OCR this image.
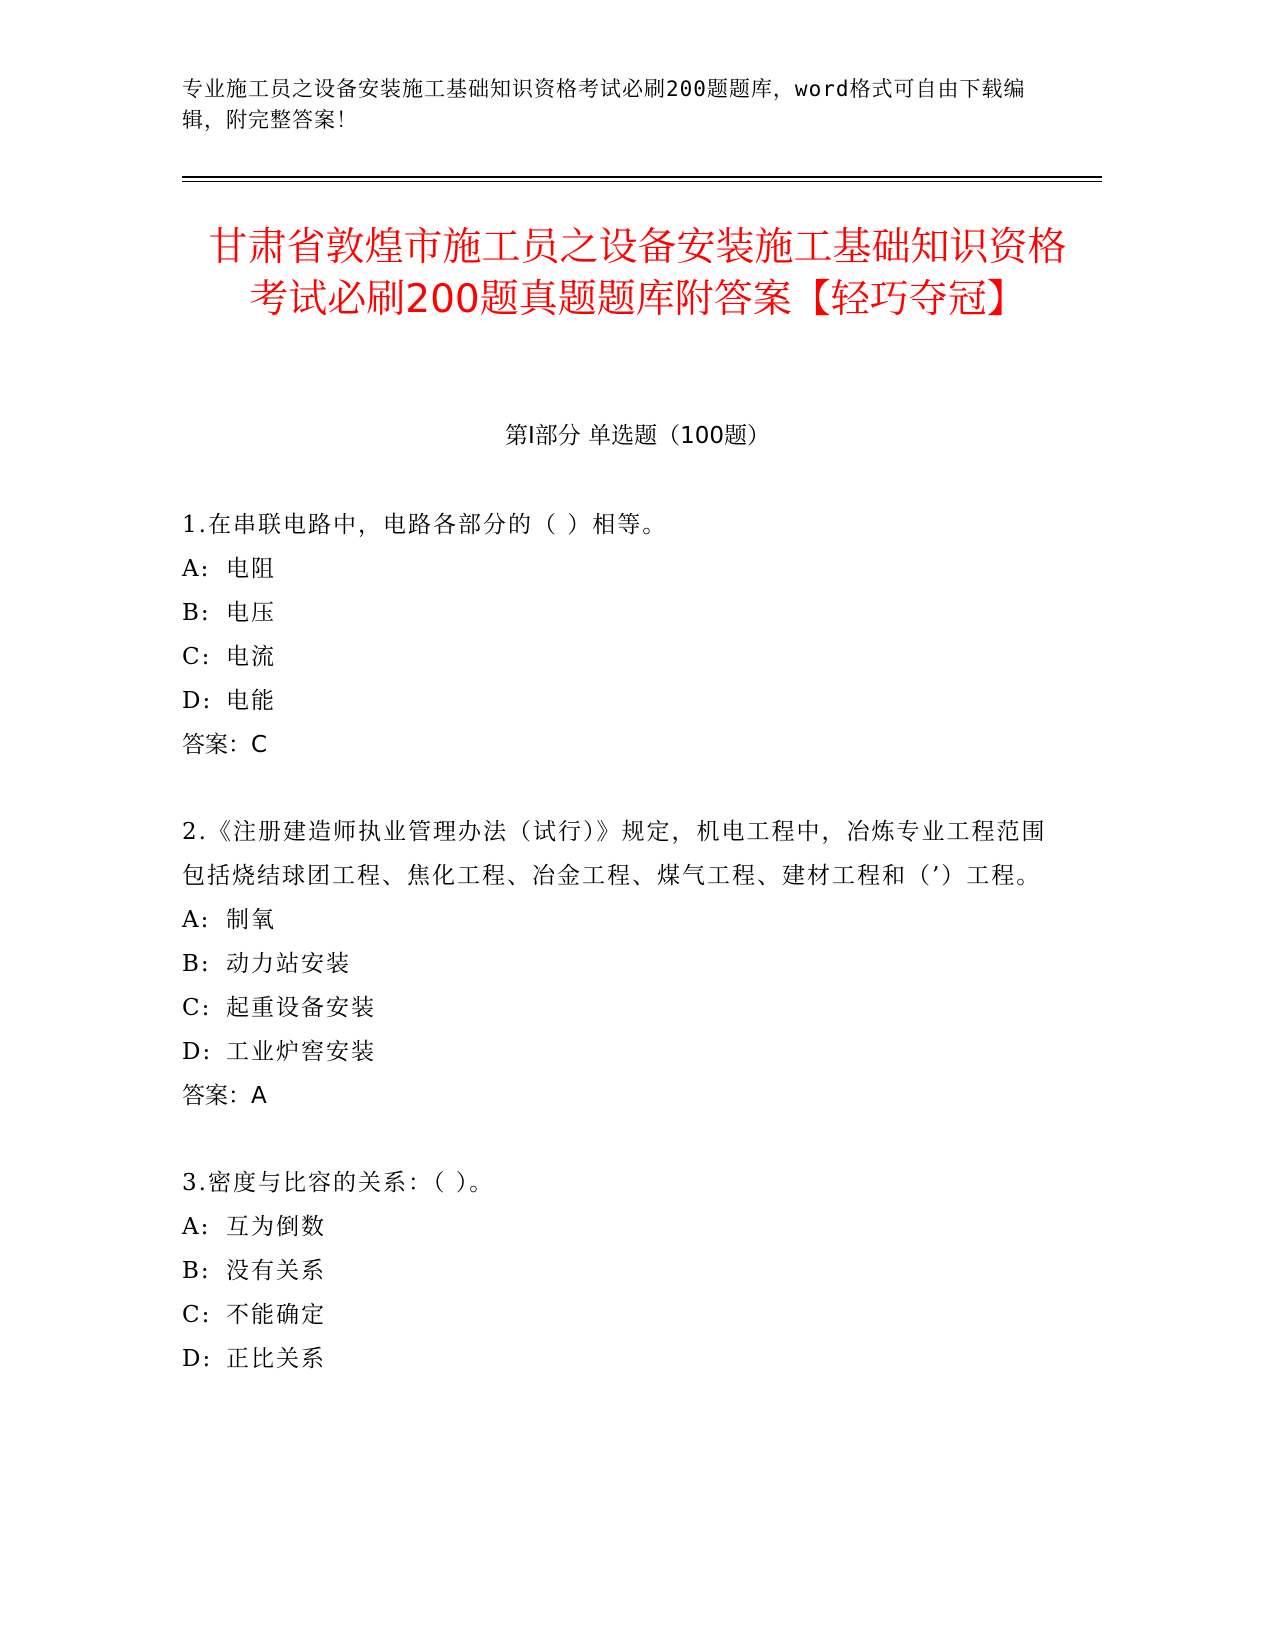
专业施工员之设备安装施工基础知识资格考试必刷200题题库，word格式可自由下载编辑，附完整答案！
甘肃省敦煌市施工员之设备安装施工基础知识资格考试必刷200题真题题库附答案【轻巧夺冠】
第Ⅰ部分 单选题（100题）

1.在串联电路中，电路各部分的（ ）相等。

A: 电阻

B: 电压

C: 电流

D: 电能

答案：C

2.《注册建造师执业管理办法（试行）》规定，机电工程中，冶炼专业工程范围包括烧结球团工程、焦化工程、冶金工程、煤气工程、建材工程和（’）工程。

A: 制氧

B: 动力站安装

C: 起重设备安装

D: 工业炉窖安装

答案：A

3.密度与比容的关系：（ ）。

A: 互为倒数

B: 没有关系

C: 不能确定

D: 正比关系
